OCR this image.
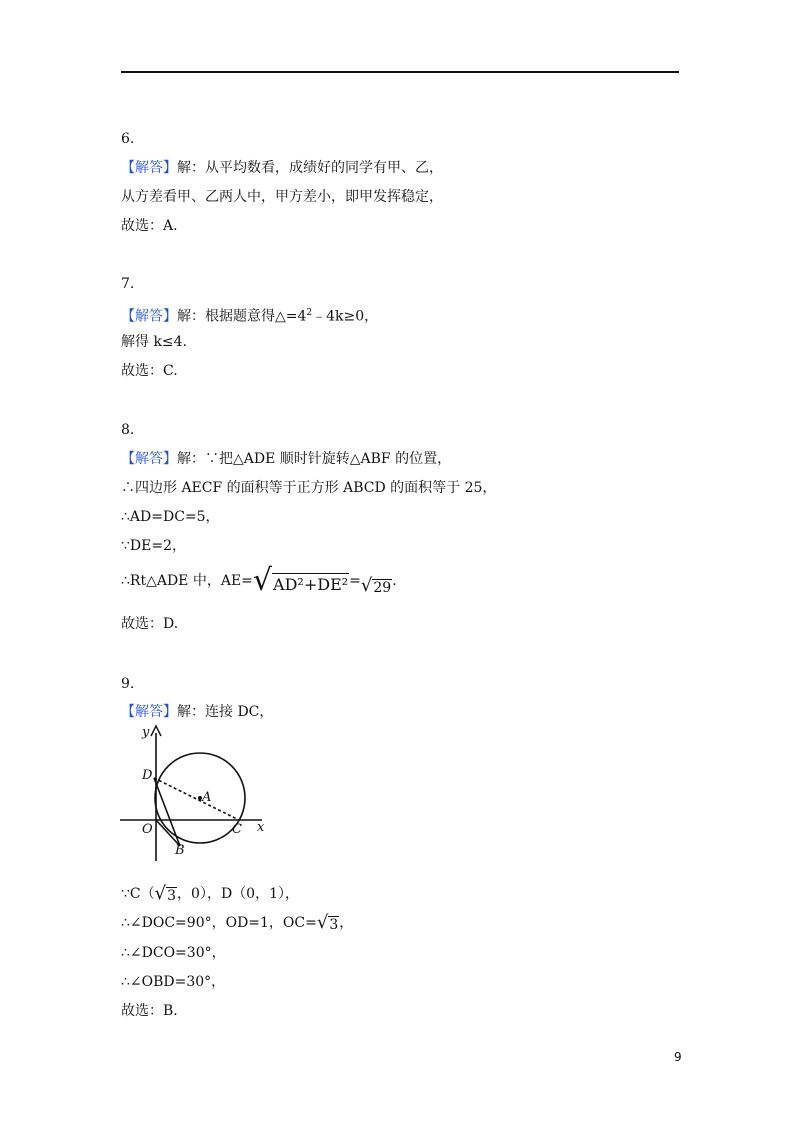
6.
【解答】解：从平均数看，成绩好的同学有甲、乙，
从方差看甲、乙两人中，甲方差小，即甲发挥稳定，
故选：A.
7.
【解答】解：根据题意得$\triangle=4^2﹣4k\ge 0$，
解得 k≤4.
故选：C.
8.
【解答】解：∵把△ADE 顺时针旋转△ABF 的位置，
∴四边形 AECF 的面积等于正方形 ABCD 的面积等于 25，
∴AD=DC=5，
∵DE=2，
∴Rt△ADE 中，AE= √ AD²+DE² = √ 29 .
故选：D.
9.
【解答】解：连接 DC，
y
x
D
A
O	C
B
∵C（ √ 3 ，0），D（0，1），
∴∠DOC=90°，OD=1，OC= √ 3 ，
∴∠DCO=30°，
∴∠OBD=30°，
故选：B.
9
